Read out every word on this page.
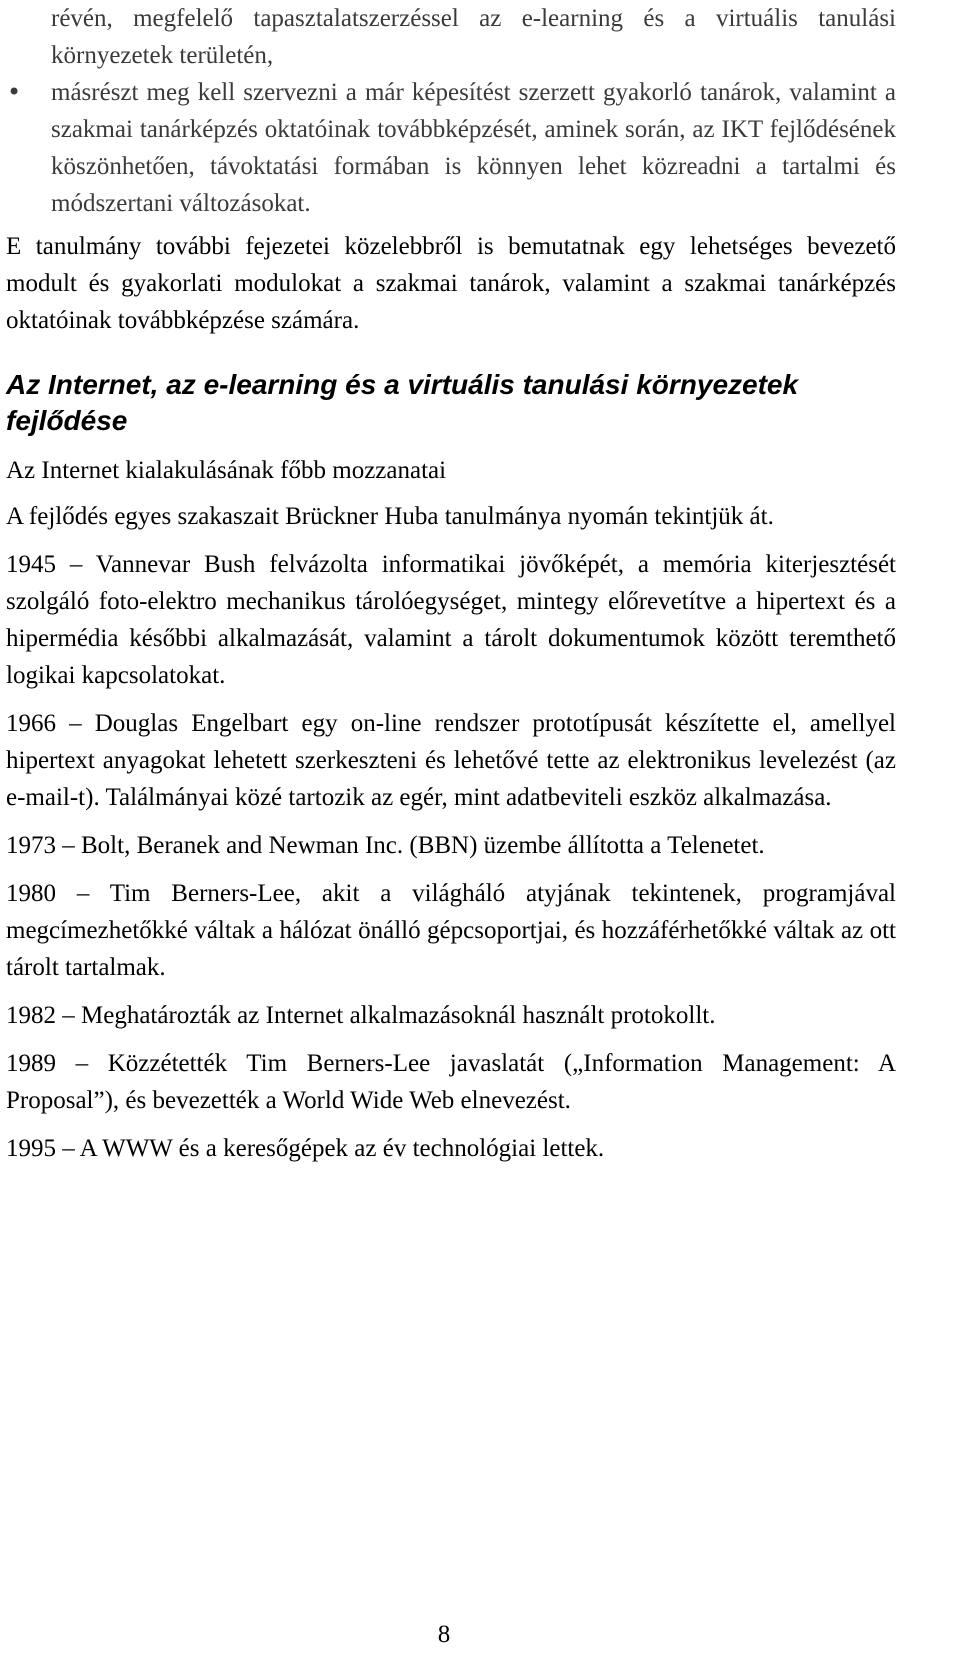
révén, megfelelő tapasztalatszerzéssel az e-learning és a virtuális tanulási környezetek területén,

•	másrészt meg kell szervezni a már képesítést szerzett gyakorló tanárok, valamint a szakmai tanárképzés oktatóinak továbbképzését, aminek során, az IKT fejlődésének köszönhetően, távoktatási formában is könnyen lehet közreadni a tartalmi és módszertani változásokat.

E tanulmány további fejezetei közelebbről is bemutatnak egy lehetséges bevezető modult és gyakorlati modulokat a szakmai tanárok, valamint a szakmai tanárképzés oktatóinak továbbképzése számára.

Az Internet, az e-learning és a virtuális tanulási környezetek fejlődése

Az Internet kialakulásának főbb mozzanatai

A fejlődés egyes szakaszait Brückner Huba tanulmánya nyomán tekintjük át.

1945 – Vannevar Bush felvázolta informatikai jövőképét, a memória kiterjesztését szolgáló foto-elektro mechanikus tárolóegységet, mintegy előrevetítve a hipertext és a hipermédia későbbi alkalmazását, valamint a tárolt dokumentumok között teremthető logikai kapcsolatokat.

1966 – Douglas Engelbart egy on-line rendszer prototípusát készítette el, amellyel hipertext anyagokat lehetett szerkeszteni és lehetővé tette az elektronikus levelezést (az e-mail-t). Találmányai közé tartozik az egér, mint adatbeviteli eszköz alkalmazása.

1973 – Bolt, Beranek and Newman Inc. (BBN) üzembe állította a Telenetet.

1980 – Tim Berners-Lee, akit a világháló atyjának tekintenek, programjával megcímezhetőkké váltak a hálózat önálló gépcsoportjai, és hozzáférhetőkké váltak az ott tárolt tartalmak.

1982 – Meghatározták az Internet alkalmazásoknál használt protokollt.

1989 – Közzétették Tim Berners-Lee javaslatát („Information Management: A Proposal”), és bevezették a World Wide Web elnevezést.

1995 – A WWW és a keresőgépek az év technológiai lettek.

8
